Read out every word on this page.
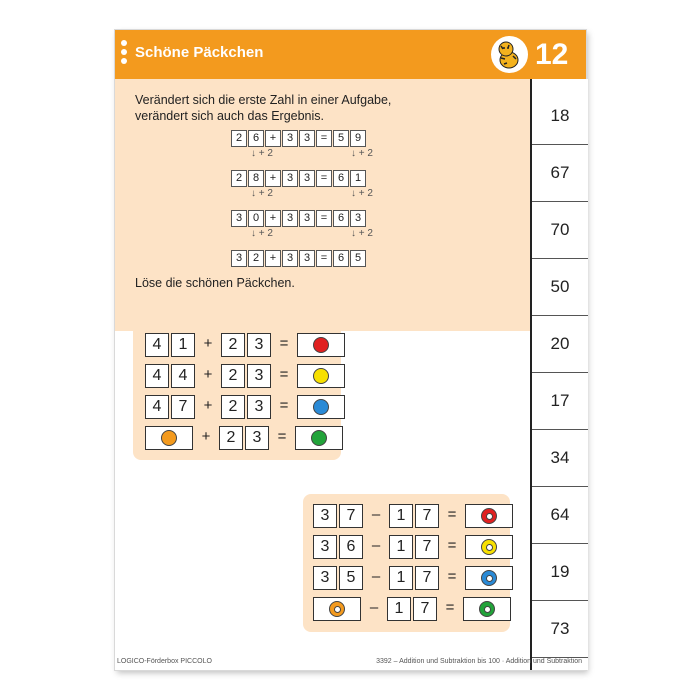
Schöne Päckchen	12
Verändert sich die erste Zahl in einer Aufgabe,
verändert sich auch das Ergebnis.
2 6 + 3 3 = 5 9
↓ + 2	↓ + 2
2 8 + 3 3 = 6 1
↓ + 2	↓ + 2
3 0 + 3 3 = 6 3
↓ + 2	↓ + 2
3 2 + 3 3 = 6 5
Löse die schönen Päckchen.
18
67
70
50
20
17
34
64
19
73
4	1	+	2	3	=
4	4	+	2	3	=
4	7	+	2	3	=
+	2	3	=
3	7	–	1	7	=
3	6	–	1	7	=
3	5	–	1	7	=
–	1	7	=
LOGICO-Förderbox PICCOLO	3392 – Addition und Subtraktion bis 100 · Addition und Subtraktion
